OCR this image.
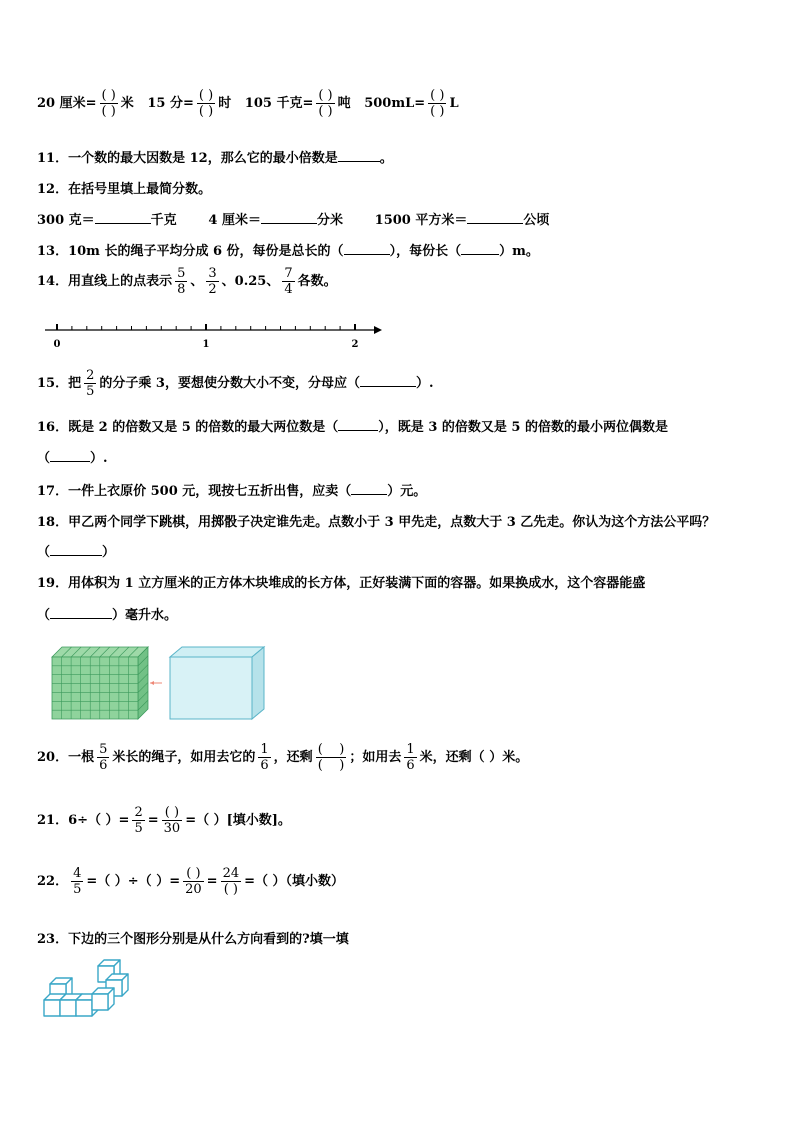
20 厘米= $\frac{( )}{( )}$ 米 15 分= $\frac{( )}{( )}$ 时 105 千克= $\frac{( )}{( )}$ 吨 $500mL= \frac{( )}{( )}$ L
11．一个数的最大因数是 12，那么它的最小倍数是	。
12．在括号里填上最简分数。
300 克＝	千克 4 厘米＝	分米 1500 平方米＝	公顷
13．10m 长的绳子平均分成 6 份，每份是总长的（	），每份长（	）m。
14．用直线上的点表示 $\frac{5}{8}$ 、 $\frac{3}{2}$ 、0.25、 $\frac{7}{4}$ 各数。
0	1	2
15．把 $\frac{2}{5}$ 的分子乘 3，要想使分数大小不变，分母应（	）.
16．既是 2 的倍数又是 5 的倍数的最大两位数是（	），既是 3 的倍数又是 5 的倍数的最小两位偶数是
（	）.
17．一件上衣原价 500 元，现按七五折出售，应卖（	）元。
18．甲乙两个同学下跳棋，用掷骰子决定谁先走。点数小于 3 甲先走，点数大于 3 乙先走。你认为这个方法公平吗？
（	）
19．用体积为 1 立方厘米的正方体木块堆成的长方体，正好装满下面的容器。如果换成水，这个容器能盛
（	）毫升水。
20．一根 $\frac{5}{6}$ 米长的绳子，如用去它的 $\frac{1}{6}$ ，还剩 $\frac{( )}{( )}$ ；如用去 $\frac{1}{6}$ 米，还剩（ ）米。
21．6÷（ ）= $\frac{2}{5} = \frac{( )}{30}$ =（ ）[填小数]。
22． $\frac{4}{5}$ =（ ）÷（ ）= $\frac{( )}{20} = \frac{24}{( )}$ =（ ）（填小数）
23．下边的三个图形分别是从什么方向看到的?填一填
